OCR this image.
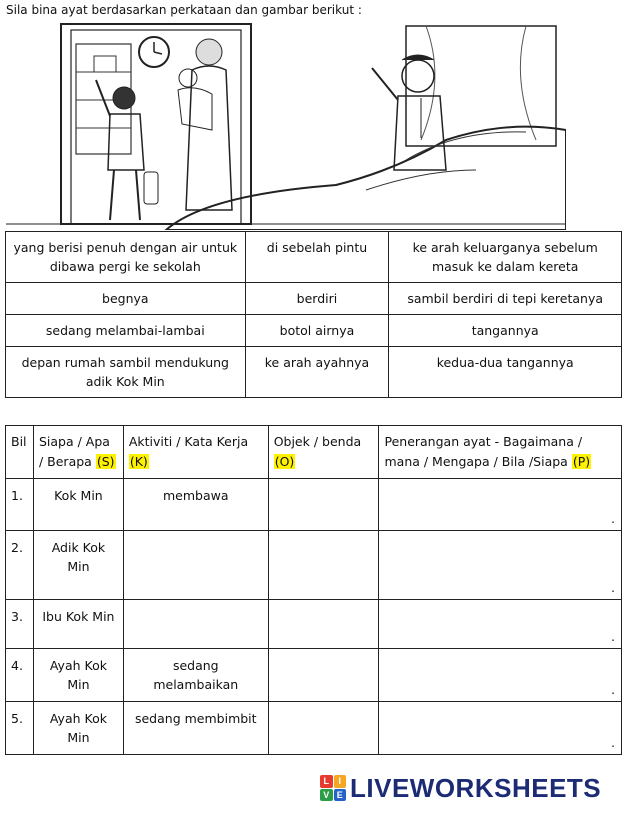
Sila bina ayat berdasarkan perkataan dan gambar berikut :
yang berisi penuh dengan air untuk dibawa pergi ke sekolah	di sebelah pintu	ke arah keluarganya sebelum masuk ke dalam kereta
begnya	berdiri	sambil berdiri di tepi keretanya
sedang melambai-lambai	botol airnya	tangannya
depan rumah sambil mendukung adik Kok Min	ke arah ayahnya	kedua-dua tangannya
Bil	Siapa / Apa / Berapa (S)	Aktiviti / Kata Kerja (K)	Objek / benda (O)	Penerangan ayat - Bagaimana / mana / Mengapa / Bila /Siapa (P)
1.	Kok Min	membawa		.

2.	Adik Kok Min			.

3.	Ibu Kok Min			.

4.	Ayah Kok Min	sedang melambaikan		.

5.	Ayah Kok Min	sedang membimbit		.
L	I
V E LIVEWORKSHEETS
